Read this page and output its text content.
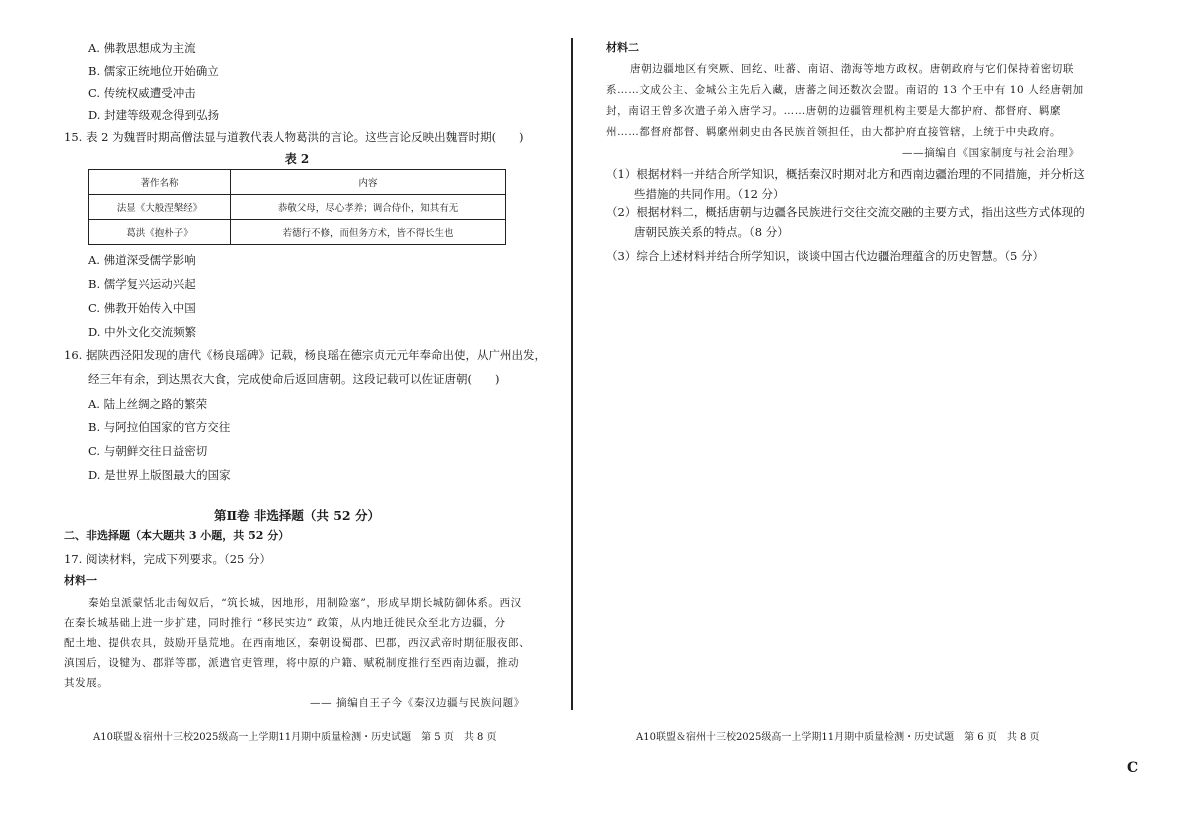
A. 佛教思想成为主流
B. 儒家正统地位开始确立
C. 传统权威遭受冲击
D. 封建等级观念得到弘扬
15. 表 2 为魏晋时期高僧法显与道教代表人物葛洪的言论。这些言论反映出魏晋时期(　　)
表 2
著作名称	内容
法显《大般涅槃经》	恭敬父母，尽心孝养；调合侍仆，知其有无
葛洪《抱朴子》	若德行不修，而但务方术，皆不得长生也
A. 佛道深受儒学影响
B. 儒学复兴运动兴起
C. 佛教开始传入中国
D. 中外文化交流频繁
16. 据陕西泾阳发现的唐代《杨良瑶碑》记载，杨良瑶在德宗贞元元年奉命出使，从广州出发，
经三年有余，到达黑衣大食，完成使命后返回唐朝。这段记载可以佐证唐朝(　　)
A. 陆上丝绸之路的繁荣
B. 与阿拉伯国家的官方交往
C. 与朝鲜交往日益密切
D. 是世界上版图最大的国家
第Ⅱ卷 非选择题（共 52 分）
二、非选择题（本大题共 3 小题，共 52 分）
17. 阅读材料，完成下列要求。（25 分）
材料一
秦始皇派蒙恬北击匈奴后，“筑长城，因地形，用制险塞”，形成早期长城防御体系。西汉
在秦长城基础上进一步扩建，同时推行 “移民实边” 政策，从内地迁徙民众至北方边疆，分
配土地、提供农具，鼓励开垦荒地。在西南地区，秦朝设蜀郡、巴郡，西汉武帝时期征服夜郎、
滇国后，设犍为、郡牂等郡，派遣官吏管理，将中原的户籍、赋税制度推行至西南边疆，推动
其发展。
—— 摘编自王子今《秦汉边疆与民族问题》
A10联盟＆宿州十三校2025级高一上学期11月期中质量检测・历史试题　第 5 页　共 8 页
材料二
唐朝边疆地区有突厥、回纥、吐蕃、南诏、渤海等地方政权。唐朝政府与它们保持着密切联
系……文成公主、金城公主先后入藏，唐蕃之间还数次会盟。南诏的 13 个王中有 10 人经唐朝加
封，南诏王曾多次遣子弟入唐学习。……唐朝的边疆管理机构主要是大都护府、都督府、羁縻
州……都督府都督、羁縻州刺史由各民族首领担任，由大都护府直接管辖，上统于中央政府。
——摘编自《国家制度与社会治理》
（1）根据材料一并结合所学知识，概括秦汉时期对北方和西南边疆治理的不同措施，并分析这
些措施的共同作用。（12 分）
（2）根据材料二，概括唐朝与边疆各民族进行交往交流交融的主要方式，指出这些方式体现的
唐朝民族关系的特点。（8 分）
（3）综合上述材料并结合所学知识，谈谈中国古代边疆治理蕴含的历史智慧。（5 分）
A10联盟＆宿州十三校2025级高一上学期11月期中质量检测・历史试题　第 6 页　共 8 页
C
